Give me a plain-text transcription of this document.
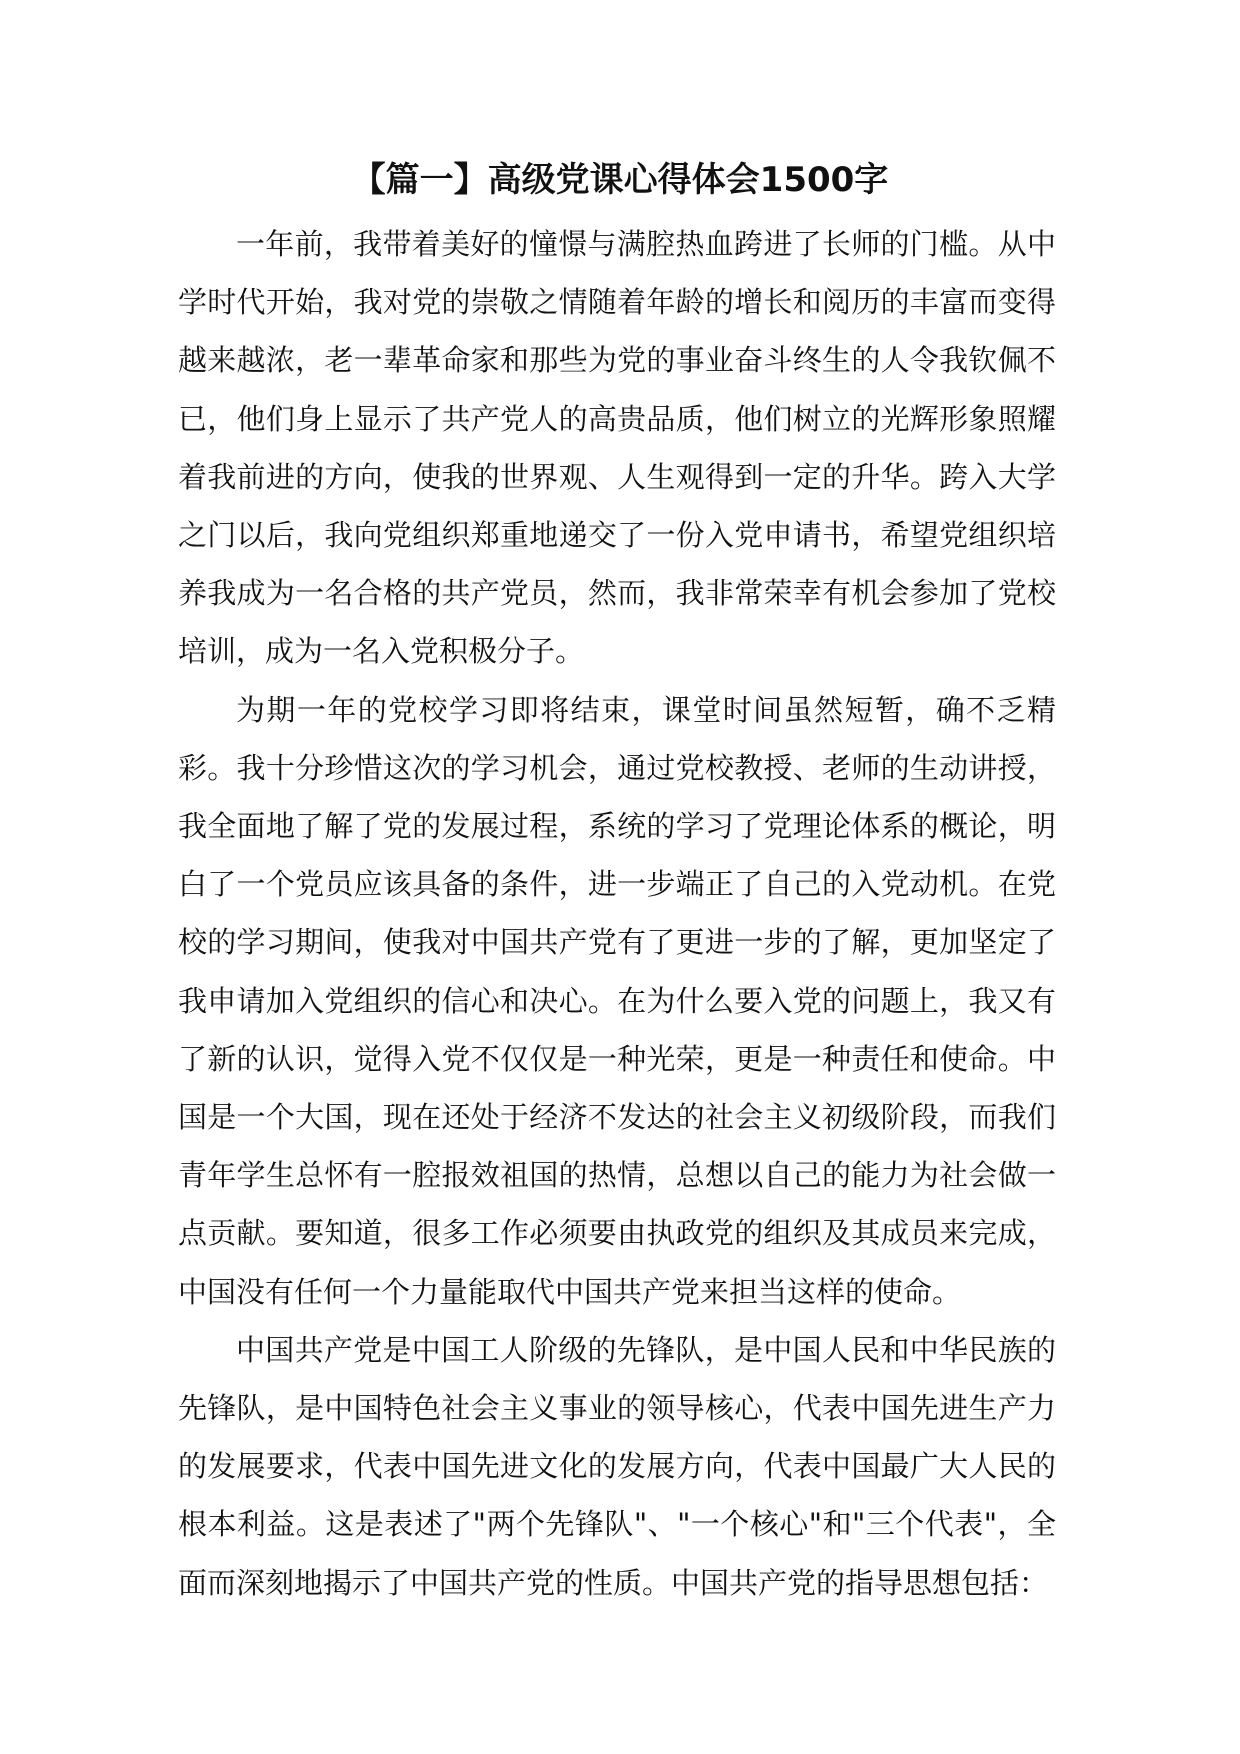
【篇一】高级党课心得体会1500字

一年前，我带着美好的憧憬与满腔热血跨进了长师的门槛。从中学时代开始，我对党的崇敬之情随着年龄的增长和阅历的丰富而变得越来越浓，老一辈革命家和那些为党的事业奋斗终生的人令我钦佩不已，他们身上显示了共产党人的高贵品质，他们树立的光辉形象照耀着我前进的方向，使我的世界观、人生观得到一定的升华。跨入大学之门以后，我向党组织郑重地递交了一份入党申请书，希望党组织培养我成为一名合格的共产党员，然而，我非常荣幸有机会参加了党校培训，成为一名入党积极分子。

为期一年的党校学习即将结束，课堂时间虽然短暂，确不乏精彩。我十分珍惜这次的学习机会，通过党校教授、老师的生动讲授，我全面地了解了党的发展过程，系统的学习了党理论体系的概论，明白了一个党员应该具备的条件，进一步端正了自己的入党动机。在党校的学习期间，使我对中国共产党有了更进一步的了解，更加坚定了我申请加入党组织的信心和决心。在为什么要入党的问题上，我又有了新的认识，觉得入党不仅仅是一种光荣，更是一种责任和使命。中国是一个大国，现在还处于经济不发达的社会主义初级阶段，而我们青年学生总怀有一腔报效祖国的热情，总想以自己的能力为社会做一点贡献。要知道，很多工作必须要由执政党的组织及其成员来完成，中国没有任何一个力量能取代中国共产党来担当这样的使命。

中国共产党是中国工人阶级的先锋队，是中国人民和中华民族的先锋队，是中国特色社会主义事业的领导核心，代表中国先进生产力的发展要求，代表中国先进文化的发展方向，代表中国最广大人民的根本利益。这是表述了"两个先锋队"、"一个核心"和"三个代表"，全面而深刻地揭示了中国共产党的性质。中国共产党的指导思想包括：
